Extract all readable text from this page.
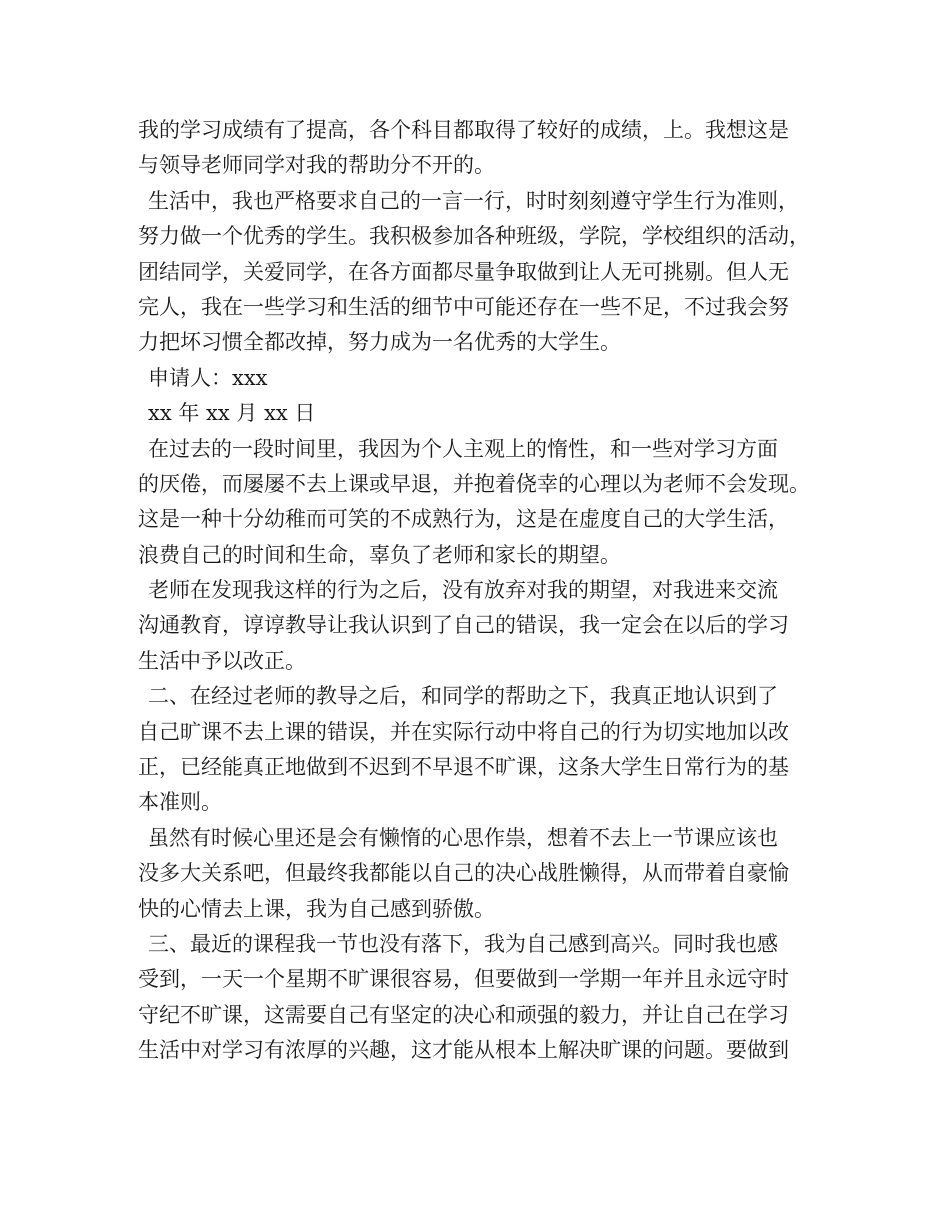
我的学习成绩有了提高，各个科目都取得了较好的成绩，上。我想这是
与领导老师同学对我的帮助分不开的。
生活中，我也严格要求自己的一言一行，时时刻刻遵守学生行为准则，
努力做一个优秀的学生。我积极参加各种班级，学院，学校组织的活动，
团结同学，关爱同学，在各方面都尽量争取做到让人无可挑剔。但人无
完人，我在一些学习和生活的细节中可能还存在一些不足，不过我会努
力把坏习惯全都改掉，努力成为一名优秀的大学生。
申请人：xxx
xx 年 xx 月 xx 日
在过去的一段时间里，我因为个人主观上的惰性，和一些对学习方面
的厌倦，而屡屡不去上课或早退，并抱着侥幸的心理以为老师不会发现。
这是一种十分幼稚而可笑的不成熟行为，这是在虚度自己的大学生活，
浪费自己的时间和生命，辜负了老师和家长的期望。
老师在发现我这样的行为之后，没有放弃对我的期望，对我进来交流
沟通教育，谆谆教导让我认识到了自己的错误，我一定会在以后的学习
生活中予以改正。
二、在经过老师的教导之后，和同学的帮助之下，我真正地认识到了
自己旷课不去上课的错误，并在实际行动中将自己的行为切实地加以改
正，已经能真正地做到不迟到不早退不旷课，这条大学生日常行为的基
本准则。
虽然有时候心里还是会有懒惰的心思作祟，想着不去上一节课应该也
没多大关系吧，但最终我都能以自己的决心战胜懒得，从而带着自豪愉
快的心情去上课，我为自己感到骄傲。
三、最近的课程我一节也没有落下，我为自己感到高兴。同时我也感
受到，一天一个星期不旷课很容易，但要做到一学期一年并且永远守时
守纪不旷课，这需要自己有坚定的决心和顽强的毅力，并让自己在学习
生活中对学习有浓厚的兴趣，这才能从根本上解决旷课的问题。要做到
